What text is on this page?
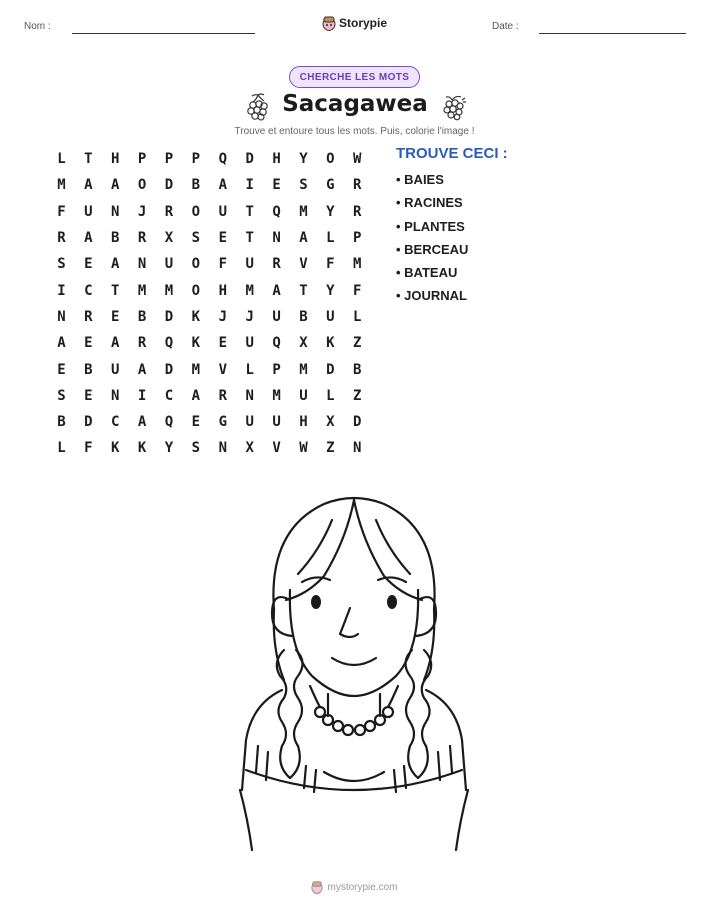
Nom :	Storypie	Date :
CHERCHE LES MOTS
Sacagawea
Trouve et entoure tous les mots. Puis, colorie l'image !
L	T	H	P	P	P	Q	D	H	Y	O	W
M	A	A	O	D	B	A	I	E	S	G	R
F	U	N	J	R	O	U	T	Q	M	Y	R
R	A	B	R	X	S	E	T	N	A	L	P
S	E	A	N	U	O	F	U	R	V	F	M
I	C	T	M	M	O	H	M	A	T	Y	F
N	R	E	B	D	K	J	J	U	B	U	L
A	E	A	R	Q	K	E	U	Q	X	K	Z
E	B	U	A	D	M	V	L	P	M	D	B
S	E	N	I	C	A	R	N	M	U	L	Z
B	D	C	A	Q	E	G	U	U	H	X	D
L	F	K	K	Y	S	N	X	V	W	Z	N
TROUVE CECI :
• BAIES
• RACINES
• PLANTES
• BERCEAU
• BATEAU
• JOURNAL
mystorypie.com
